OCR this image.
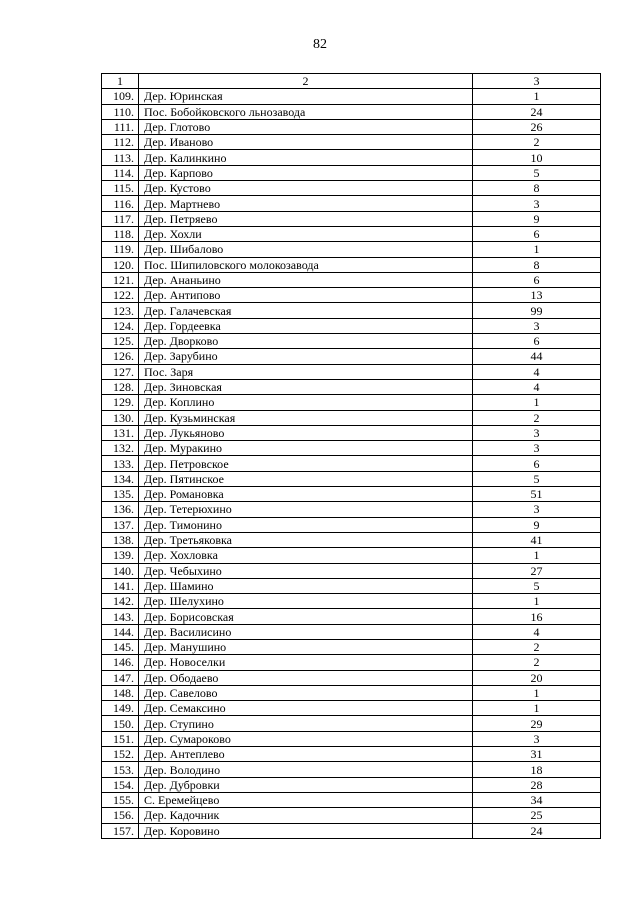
82
1	2	3
109.	Дер. Юринская	1
110.	Пос. Бобойковского льнозавода	24
111.	Дер. Глотово	26
112.	Дер. Иваново	2
113.	Дер. Калинкино	10
114.	Дер. Карпово	5
115.	Дер. Кустово	8
116.	Дер. Мартнево	3
117.	Дер. Петряево	9
118.	Дер. Хохли	6
119.	Дер. Шибалово	1
120.	Пос. Шипиловского молокозавода	8
121.	Дер. Ананьино	6
122.	Дер. Антипово	13
123.	Дер. Галачевская	99
124.	Дер. Гордеевка	3
125.	Дер. Дворково	6
126.	Дер. Зарубино	44
127.	Пос. Заря	4
128.	Дер. Зиновская	4
129.	Дер. Коплино	1
130.	Дер. Кузьминская	2
131.	Дер. Лукьяново	3
132.	Дер. Муракино	3
133.	Дер. Петровское	6
134.	Дер. Пятинское	5
135.	Дер. Романовка	51
136.	Дер. Тетерюхино	3
137.	Дер. Тимонино	9
138.	Дер. Третьяковка	41
139.	Дер. Хохловка	1
140.	Дер. Чебыхино	27
141.	Дер. Шамино	5
142.	Дер. Шелухино	1
143.	Дер. Борисовская	16
144.	Дер. Василисино	4
145.	Дер. Манушино	2
146.	Дер. Новоселки	2
147.	Дер. Ободаево	20
148.	Дер. Савелово	1
149.	Дер. Семаксино	1
150.	Дер. Ступино	29
151.	Дер. Сумароково	3
152.	Дер. Антеплево	31
153.	Дер. Володино	18
154.	Дер. Дубровки	28
155.	С. Еремейцево	34
156.	Дер. Кадочник	25
157.	Дер. Коровино	24
